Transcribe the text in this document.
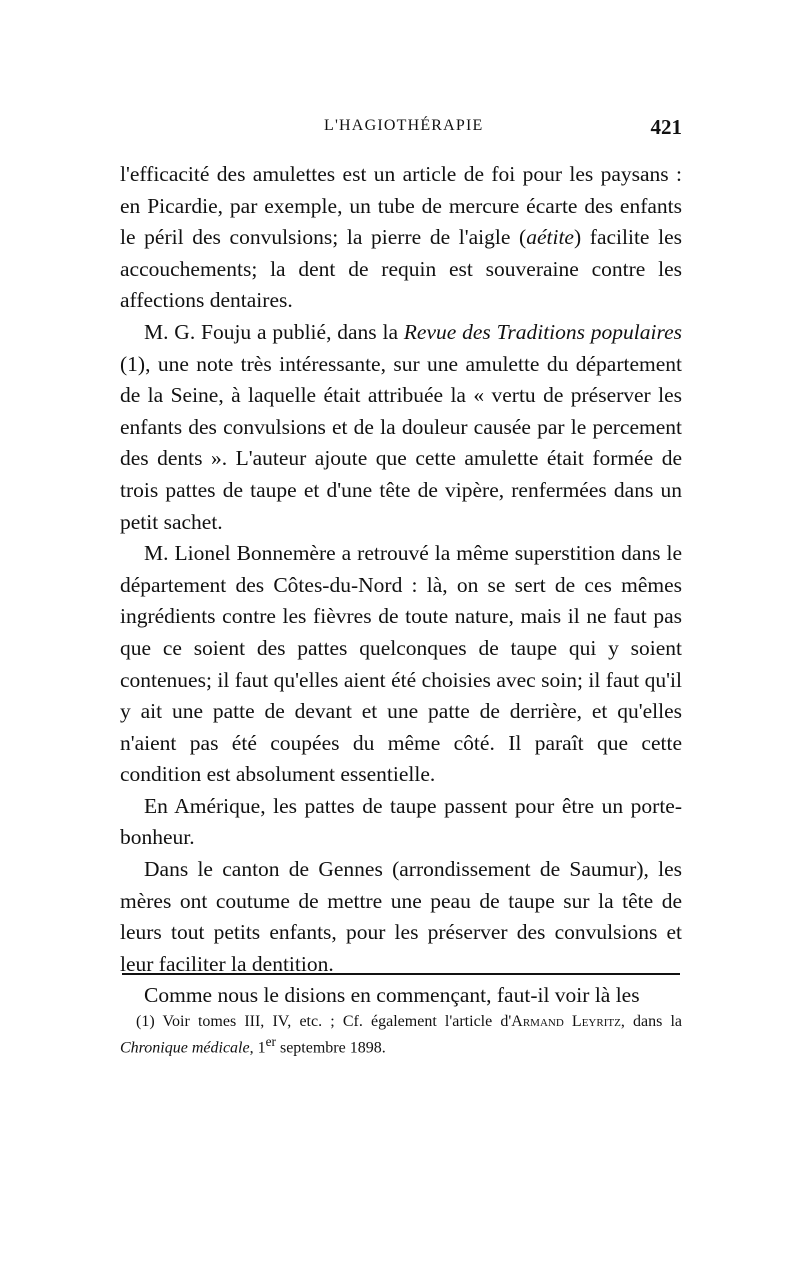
L'HAGIOTHÉRAPIE	421

l'efficacité des amulettes est un article de foi pour les paysans : en Picardie, par exemple, un tube de mercure écarte des enfants le péril des convulsions; la pierre de l'aigle (aétite) facilite les accouchements; la dent de requin est souveraine contre les affections dentaires.

M. G. Fouju a publié, dans la Revue des Traditions populaires (1), une note très intéressante, sur une amulette du département de la Seine, à laquelle était attribuée la « vertu de préserver les enfants des convulsions et de la douleur causée par le percement des dents ». L'auteur ajoute que cette amulette était formée de trois pattes de taupe et d'une tête de vipère, renfermées dans un petit sachet.

M. Lionel Bonnemère a retrouvé la même superstition dans le département des Côtes-du-Nord : là, on se sert de ces mêmes ingrédients contre les fièvres de toute nature, mais il ne faut pas que ce soient des pattes quelconques de taupe qui y soient contenues; il faut qu'elles aient été choisies avec soin; il faut qu'il y ait une patte de devant et une patte de derrière, et qu'elles n'aient pas été coupées du même côté. Il paraît que cette condition est absolument essentielle.

En Amérique, les pattes de taupe passent pour être un porte-bonheur.

Dans le canton de Gennes (arrondissement de Saumur), les mères ont coutume de mettre une peau de taupe sur la tête de leurs tout petits enfants, pour les préserver des convulsions et leur faciliter la dentition.

Comme nous le disions en commençant, faut-il voir là les

(1) Voir tomes III, IV, etc. ; Cf. également l'article d'Armand Leyritz, dans la Chronique médicale, 1er septembre 1898.
